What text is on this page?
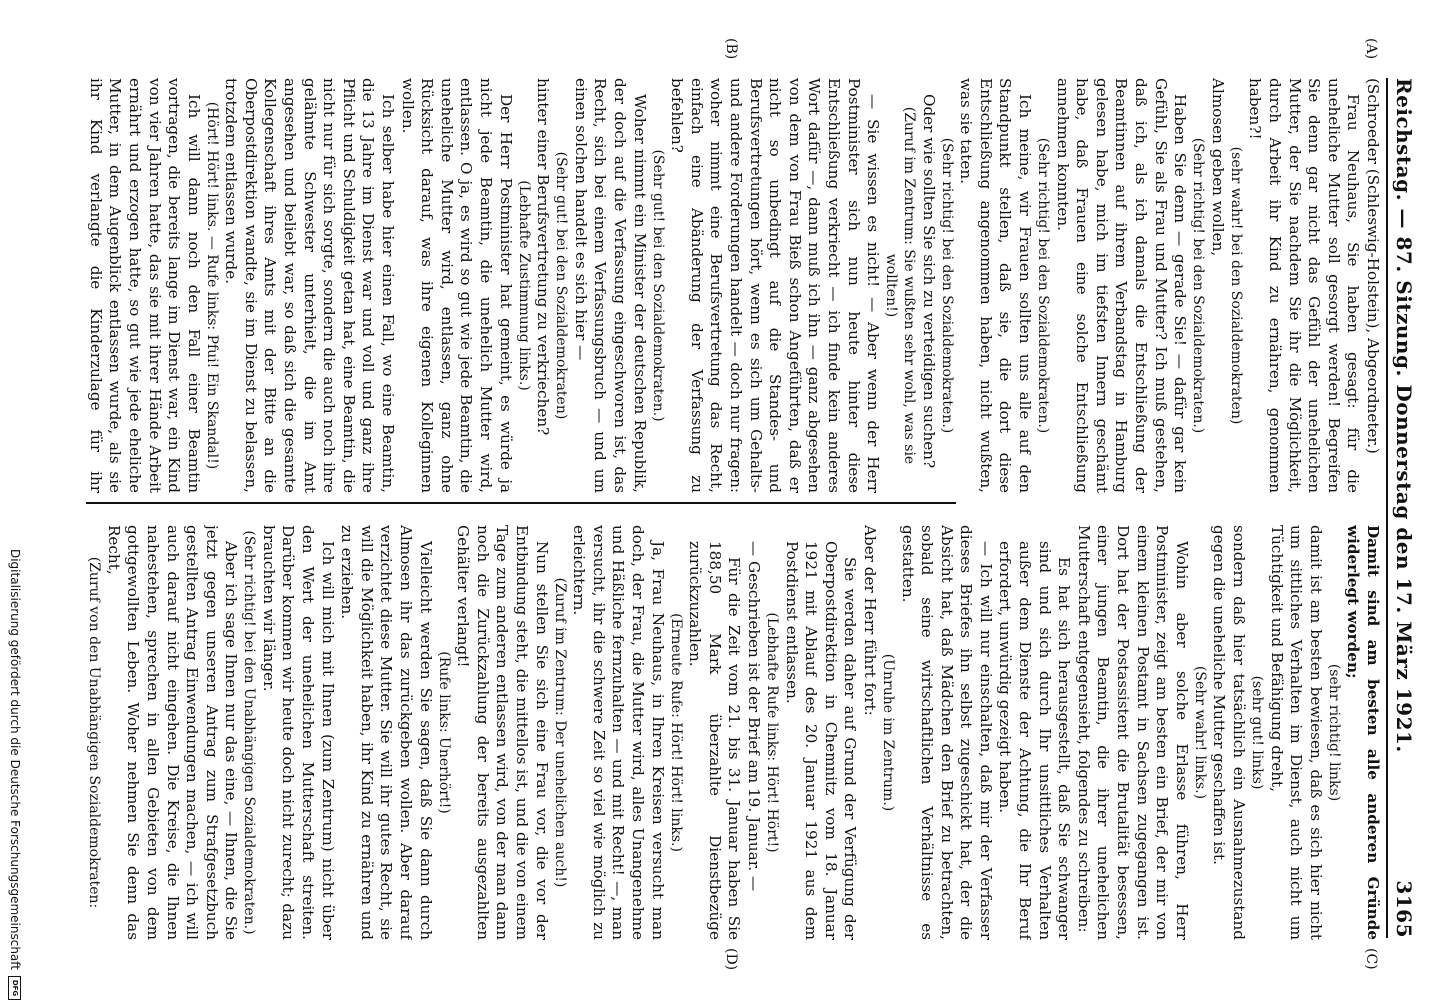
Reichstag. — 87. Sitzung. Donnerstag den 17. März 1921.
3165
(A)
(B)
(C)
(D)

(Schroeder (Schleswig-Holstein), Abgeordneter.)

Frau Neuhaus, Sie haben gesagt: für die uneheliche Mutter soll gesorgt werden! Begreifen Sie denn gar nicht das Gefühl der unehelichen Mutter, der Sie nachdem Sie ihr die Möglichkeit, durch Arbeit ihr Kind zu ernähren, genommen haben?!

(sehr wahr! bei den Sozialdemokraten)

Almosen geben wollen,

(Sehr richtig! bei den Sozialdemokraten.)

Haben Sie denn — gerade Sie! — dafür gar kein Gefühl, Sie als Frau und Mutter? Ich muß gestehen, daß ich, als ich damals die Entschließung der Beamtinnen auf ihrem Verbandstag in Hamburg gelesen habe, mich im tiefsten Innern geschämt habe, daß Frauen eine solche Entschließung annehmen konnten.

(Sehr richtig! bei den Sozialdemokraten.)

Ich meine, wir Frauen sollten uns alle auf den Standpunkt stellen, daß sie, die dort diese Entschließung angenommen haben, nicht wußten, was sie taten.

(Sehr richtig! bei den Sozialdemokraten.)

Oder wie sollten Sie sich zu verteidigen suchen?

(Zuruf im Zentrum: Sie wußten sehr wohl, was sie wollten!)

— Sie wissen es nicht! — Aber wenn der Herr Postminister sich nun heute hinter diese Entschließung verkriecht — ich finde kein anderes Wort dafür —, dann muß ich ihn — ganz abgesehen von dem von Frau Bieß schon Angeführten, daß er nicht so unbedingt auf die Standes- und Berufsvertretungen hört, wenn es sich um Gehalts- und andere Forderungen handelt — doch nur fragen: woher nimmt eine Berufsvertretung das Recht, einfach eine Abänderung der Verfassung zu befehlen?

(Sehr gut! bei den Sozialdemokraten.)

Woher nimmt ein Minister der deutschen Republik, der doch auf die Verfassung eingeschworen ist, das Recht, sich bei einem Verfassungsbruch — und um einen solchen handelt es sich hier —

(Sehr gut! bei den Sozialdemokraten)

hinter einer Berufsvertretung zu verkriechen?

(Lebhafte Zustimmung links.)

Der Herr Postminister hat gemeint, es würde ja nicht jede Beamtin, die unehelich Mutter wird, entlassen. O ja, es wird so gut wie jede Beamtin, die uneheliche Mutter wird, entlassen, ganz ohne Rücksicht darauf, was ihre eigenen Kolleginnen wollen.

Ich selber habe hier einen Fall, wo eine Beamtin, die 13 Jahre im Dienst war und voll und ganz ihre Pflicht und Schuldigkeit getan hat, eine Beamtin, die nicht nur für sich sorgte, sondern die auch noch ihre gelähmte Schwester unterhielt, die im Amt angesehen und beliebt war, so daß sich die gesamte Kollegenschaft ihres Amts mit der Bitte an die Oberpostdirektion wandte, sie im Dienst zu belassen, trotzdem entlassen wurde.

(Hört! Hört! links. — Rufe links: Pfui! Ein Skandal!)

Ich will dann noch den Fall einer Beamtin vortragen, die bereits lange im Dienst war, ein Kind von vier Jahren hatte, das sie mit ihrer Hände Arbeit ernährt und erzogen hatte, so gut wie jede eheliche Mutter, in dem Augenblick entlassen wurde, als sie ihr Kind verlangte die Kinderzulage für ihr

Damit sind am besten alle anderen Gründe widerlegt worden;

(sehr richtig! links)

damit ist am besten bewiesen, daß es sich hier nicht um sittliches Verhalten im Dienst, auch nicht um Tüchtigkeit und Befähigung dreht,

(sehr gut! links)

sondern daß hier tatsächlich ein Ausnahmezustand gegen die uneheliche Mutter geschaffen ist.

(Sehr wahr! links.)

Wohin aber solche Erlasse führen, Herr Postminister, zeigt am besten ein Brief, der mir von einem kleinen Postamt in Sachsen zugegangen ist. Dort hat der Postassistent die Brutalität besessen, einer jungen Beamtin, die ihrer unehelichen Mutterschaft entgegensieht, folgendes zu schreiben:

Es hat sich herausgestellt, daß Sie schwanger sind und sich durch Ihr unsittliches Verhalten außer dem Dienste der Achtung, die Ihr Beruf erfordert, unwürdig gezeigt haben.

— Ich will nur einschalten, daß mir der Verfasser dieses Briefes ihn selbst zugeschickt hat, der die Absicht hat, daß Mädchen den Brief zu betrachten, sobald seine wirtschaftlichen Verhältnisse es gestatten.

(Unruhe im Zentrum.)

Aber der Herr führt fort:

Sie werden daher auf Grund der Verfügung der Oberpostdirektion in Chemnitz vom 18. Januar 1921 mit Ablauf des 20. Januar 1921 aus dem Postdienst entlassen.

(Lebhafte Rufe links: Hört! Hört!)

— Geschrieben ist der Brief am 19. Januar. —

Für die Zeit vom 21. bis 31. Januar haben Sie 188,50 Mark überzahlte Dienstbezüge zurückzuzahlen.

(Erneute Rufe: Hört! Hört! links.)

Ja, Frau Neuhaus, in Ihren Kreisen versucht man doch, der Frau, die Mutter wird, alles Unangenehme und Häßliche fernzuhalten — und mit Recht! —, man versucht, ihr die schwere Zeit so viel wie möglich zu erleichtern.

(Zuruf im Zentrum: Der unehelichen auch!)

Nun stellen Sie sich eine Frau vor, die vor der Entbindung steht, die mittellos ist, und die von einem Tage zum anderen entlassen wird, von der man dann noch die Zurückzahlung der bereits ausgezahlten Gehälter verlangt!

(Rufe links: Unerhört!)

Vielleicht werden Sie sagen, daß Sie dann durch Almosen ihr das zurückgeben wollen. Aber darauf verzichtet diese Mutter. Sie will ihr gutes Recht, sie will die Möglichkeit haben, ihr Kind zu ernähren und zu erziehen.

Ich will mich mit Ihnen (zum Zentrum) nicht über den Wert der unehelichen Mutterschaft streiten. Darüber kommen wir heute doch nicht zurecht; dazu brauchten wir länger.

(Sehr richtig! bei den Unabhängigen Sozialdemokraten.)

Aber ich sage Ihnen nur das eine, — Ihnen, die Sie jetzt gegen unseren Antrag zum Strafgesetzbuch gestellten Antrag Einwendungen machen, — ich will auch darauf nicht eingehen. Die Kreise, die Ihnen nahestehen, sprechen in allen Gebieten von dem gottgewollten Leben. Woher nehmen Sie denn das Recht,

(Zuruf von den Unabhängigen Sozialdemokraten:

Digitalisierung gefördert durch die Deutsche Forschungsgemeinschaft
DFG
